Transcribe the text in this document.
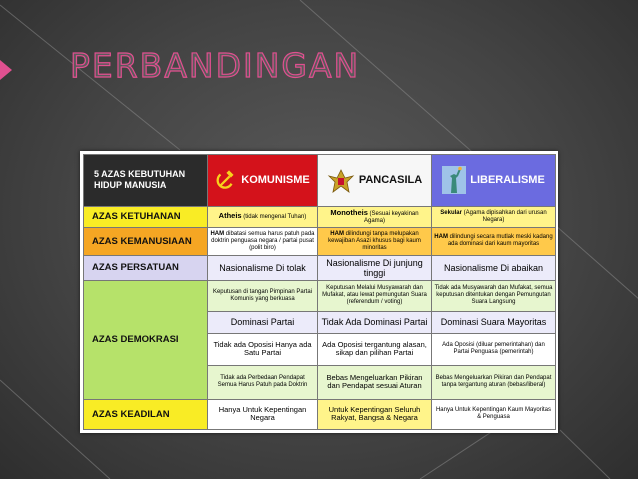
PERBANDINGAN
5 AZAS KEBUTUHAN HIDUP MANUSIA	KOMUNISME	PANCASILA	LIBERALISME

AZAS KETUHANAN	Atheis (tidak mengenal Tuhan)	Monotheis (Sesuai keyakinan Agama)	Sekular (Agama dipisahkan dari urusan Negara)
AZAS KEMANUSIAAN	HAM dibatasi semua harus patuh pada doktrin penguasa negara / partai pusat (polit biro)	HAM dilindungi tanpa melupakan kewajiban Asazi khusus bagi kaum minoritas	HAM dilindungi secara mutlak meski kadang ada dominasi dari kaum mayoritas
AZAS PERSATUAN	Nasionalisme Di tolak	Nasionalisme Di junjung tinggi	Nasionalisme Di abaikan
AZAS DEMOKRASI	Keputusan di tangan Pimpinan Partai Komunis yang berkuasa	Keputusan Melalui Musyawarah dan Mufakat, atau lewat pemungutan Suara (referendum / voting)	Tidak ada Musyawarah dan Mufakat, semua keputusan ditentukan dengan Pemungutan Suara Langsung
	Dominasi Partai	Tidak Ada Dominasi Partai	Dominasi Suara Mayoritas
	Tidak ada Oposisi Hanya ada Satu Partai	Ada Oposisi tergantung alasan, sikap dan pilihan Partai	Ada Oposisi (diluar pemerintahan) dan Partai Penguasa (pemerintah)
	Tidak ada Perbedaan Pendapat Semua Harus Patuh pada Doktrin	Bebas Mengeluarkan Pikiran dan Pendapat sesuai Aturan	Bebas Mengeluarkan Pikiran dan Pendapat tanpa tergantung aturan (bebas/liberal)
AZAS KEADILAN	Hanya Untuk Kepentingan Negara	Untuk Kepentingan Seluruh Rakyat, Bangsa & Negara	Hanya Untuk Kepentingan Kaum Mayoritas & Penguasa
